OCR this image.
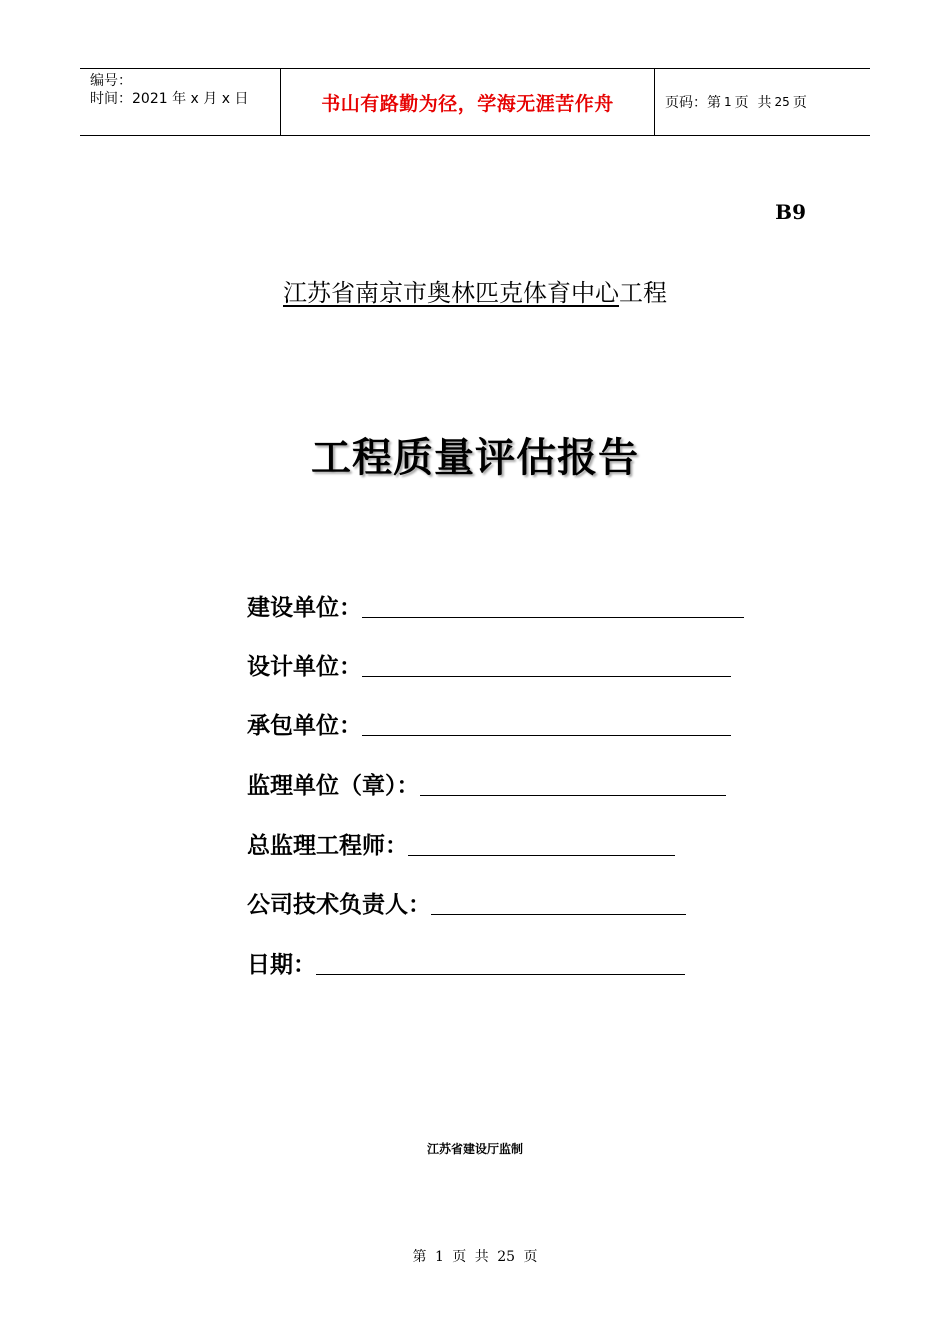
编号：
时间：2021 年 x 月 x 日	书山有路勤为径，学海无涯苦作舟	页码：第 1 页  共 25 页
B9
江苏省南京市奥林匹克体育中心工程
工程质量评估报告
建设单位：
设计单位：
承包单位：
监理单位（章）：
总监理工程师：
公司技术负责人：
日期：
江苏省建设厅监制
第 1 页 共 25 页
